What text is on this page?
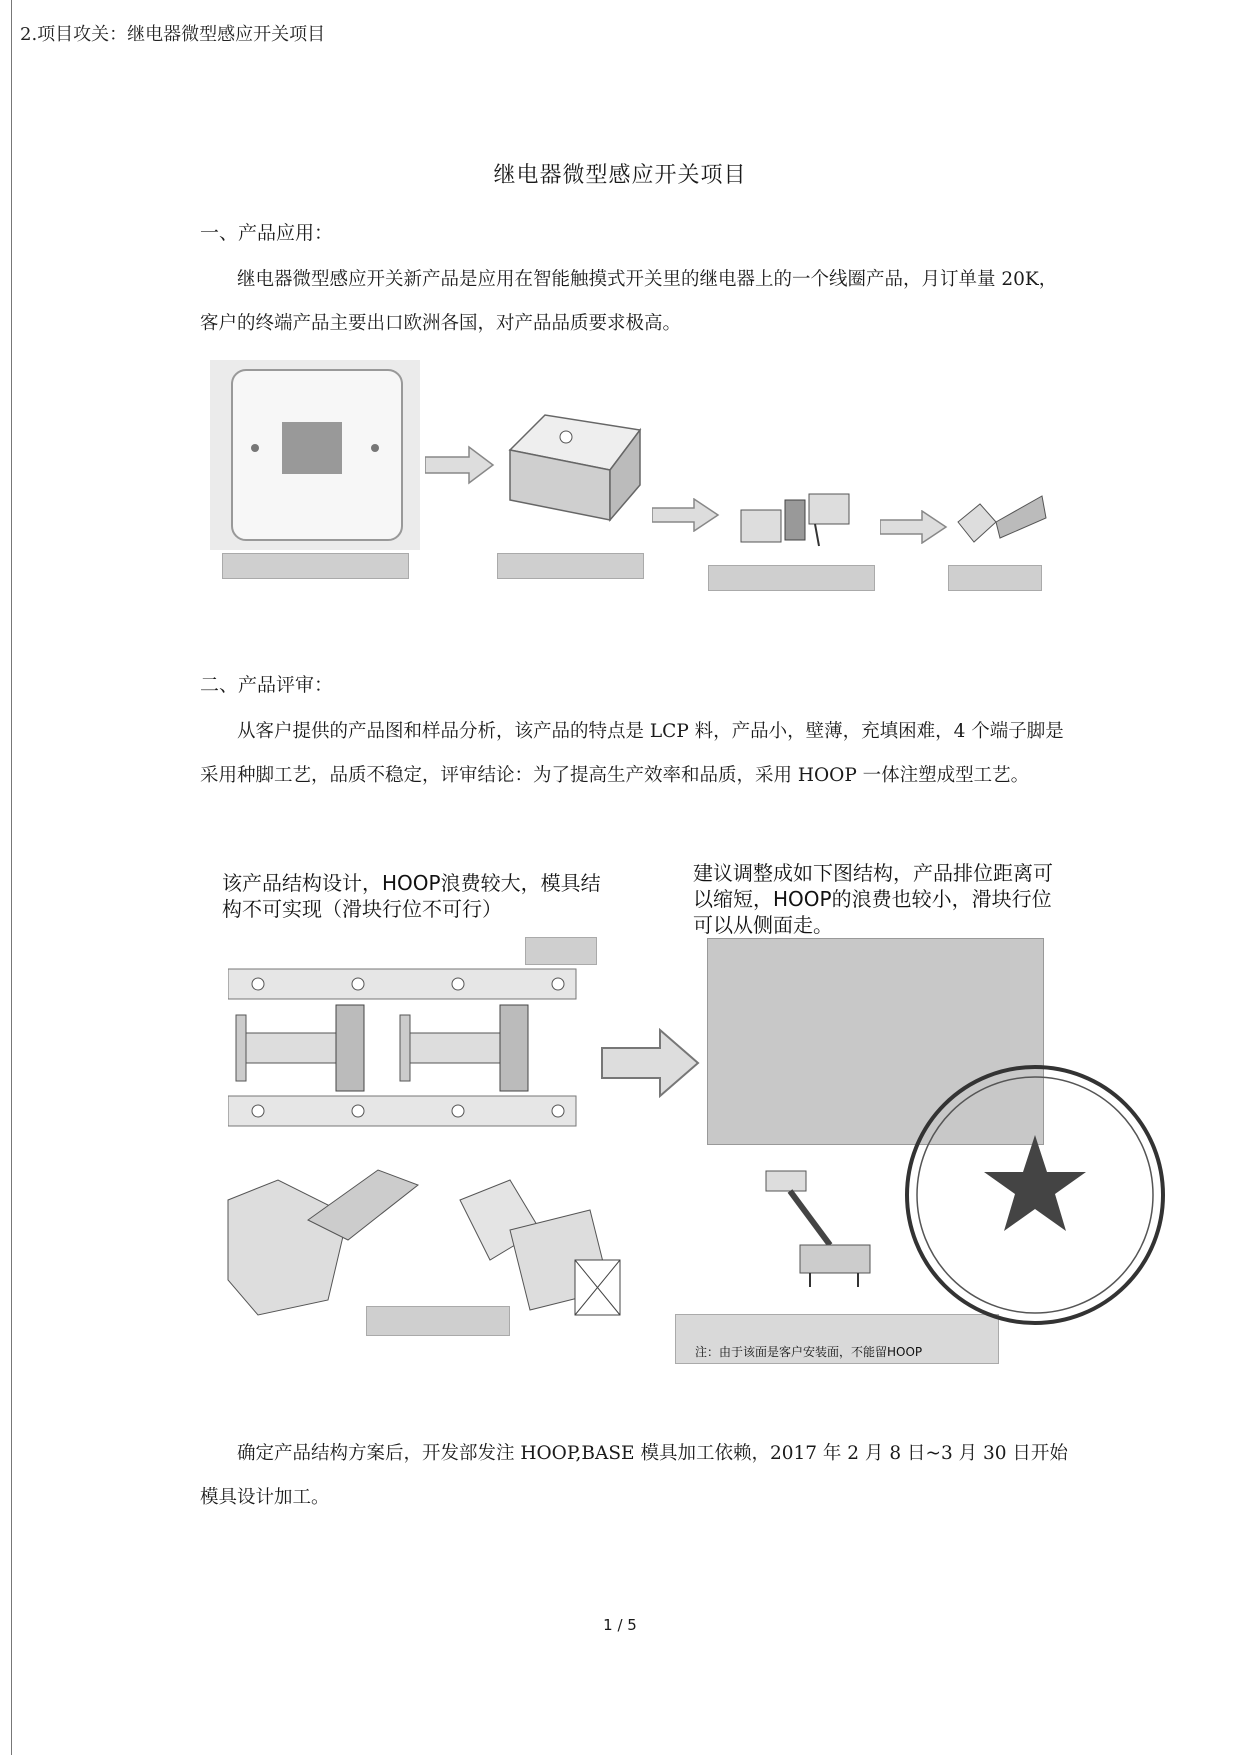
2.项目攻关：继电器微型感应开关项目
继电器微型感应开关项目
一、产品应用：

继电器微型感应开关新产品是应用在智能触摸式开关里的继电器上的一个线圈产品，月订单量 20K，客户的终端产品主要出口欧洲各国，对产品品质要求极高。

二、产品评审：

从客户提供的产品图和样品分析，该产品的特点是 LCP 料，产品小，壁薄，充填困难，4 个端子脚是采用种脚工艺，品质不稳定，评审结论：为了提高生产效率和品质，采用 HOOP 一体注塑成型工艺。

该产品结构设计，HOOP浪费较大，模具结构不可实现（滑块行位不可行）
建议调整成如下图结构，产品排位距离可以缩短，HOOP的浪费也较小，滑块行位可以从侧面走。
注：由于该面是客户安装面，不能留HOOP

确定产品结构方案后，开发部发注 HOOP,BASE 模具加工依赖，2017 年 2 月 8 日~3 月 30 日开始模具设计加工。

1 / 5
